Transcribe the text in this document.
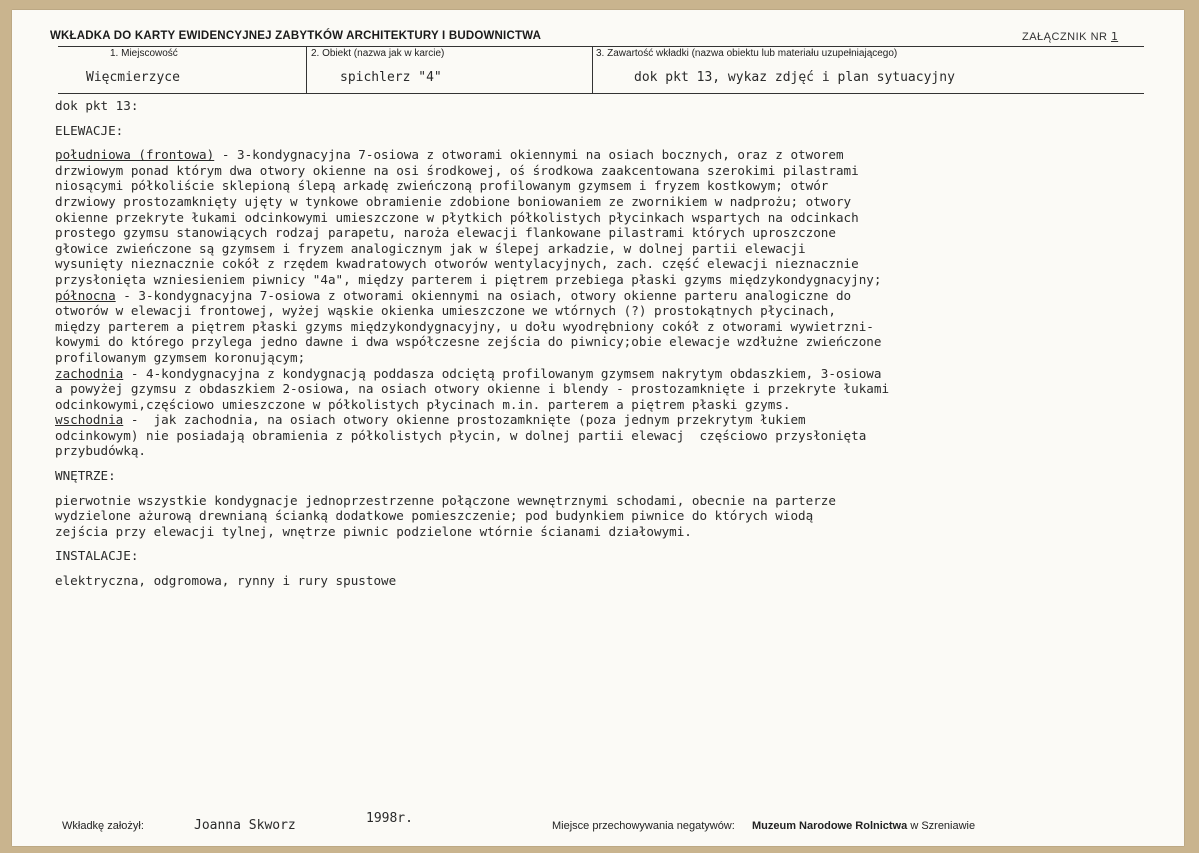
WKŁADKA DO KARTY EWIDENCYJNEJ ZABYTKÓW ARCHITEKTURY I BUDOWNICTWA	ZAŁĄCZNIK NR 1
1. Miejscowość
Więcmierzyce
2. Obiekt (nazwa jak w karcie)
spichlerz "4"
3. Zawartość wkładki (nazwa obiektu lub materiału uzupełniającego)
dok pkt 13, wykaz zdjęć i plan sytuacyjny
dok pkt 13:
ELEWACJE:
południowa (frontowa) - 3-kondygnacyjna 7-osiowa z otworami okiennymi na osiach bocznych, oraz z otworem
drzwiowym ponad którym dwa otwory okienne na osi środkowej, oś środkowa zaakcentowana szerokimi pilastrami
niosącymi półkoliście sklepioną ślepą arkadę zwieńczoną profilowanym gzymsem i fryzem kostkowym; otwór
drzwiowy prostozamknięty ujęty w tynkowe obramienie zdobione boniowaniem ze zwornikiem w nadprożu; otwory
okienne przekryte łukami odcinkowymi umieszczone w płytkich półkolistych płycinkach wspartych na odcinkach
prostego gzymsu stanowiących rodzaj parapetu, naroża elewacji flankowane pilastrami których uproszczone
głowice zwieńczone są gzymsem i fryzem analogicznym jak w ślepej arkadzie, w dolnej partii elewacji
wysunięty nieznacznie cokół z rzędem kwadratowych otworów wentylacyjnych, zach. część elewacji nieznacznie
przysłonięta wzniesieniem piwnicy "4a", między parterem i piętrem przebiega płaski gzyms międzykondygnacyjny;
północna - 3-kondygnacyjna 7-osiowa z otworami okiennymi na osiach, otwory okienne parteru analogiczne do
otworów w elewacji frontowej, wyżej wąskie okienka umieszczone we wtórnych (?) prostokątnych płycinach,
między parterem a piętrem płaski gzyms międzykondygnacyjny, u dołu wyodrębniony cokół z otworami wywietrzni-
kowymi do którego przylega jedno dawne i dwa współczesne zejścia do piwnicy;obie elewacje wzdłużne zwieńczone
profilowanym gzymsem koronującym;
zachodnia - 4-kondygnacyjna z kondygnacją poddasza odciętą profilowanym gzymsem nakrytym obdaszkiem, 3-osiowa
a powyżej gzymsu z obdaszkiem 2-osiowa, na osiach otwory okienne i blendy - prostozamknięte i przekryte łukami
odcinkowymi,częściowo umieszczone w półkolistych płycinach m.in. parterem a piętrem płaski gzyms.
wschodnia -  jak zachodnia, na osiach otwory okienne prostozamknięte (poza jednym przekrytym łukiem
odcinkowym) nie posiadają obramienia z półkolistych płycin, w dolnej partii elewacj  częściowo przysłonięta
przybudówką.
WNĘTRZE:
pierwotnie wszystkie kondygnacje jednoprzestrzenne połączone wewnętrznymi schodami, obecnie na parterze
wydzielone ażurową drewnianą ścianką dodatkowe pomieszczenie; pod budynkiem piwnice do których wiodą
zejścia przy elewacji tylnej, wnętrze piwnic podzielone wtórnie ścianami działowymi.
INSTALACJE:
elektryczna, odgromowa, rynny i rury spustowe
Wkładkę założył:	Joanna Skworz	1998r.	Miejsce przechowywania negatywów: Muzeum Narodowe Rolnictwa w Szreniawie
